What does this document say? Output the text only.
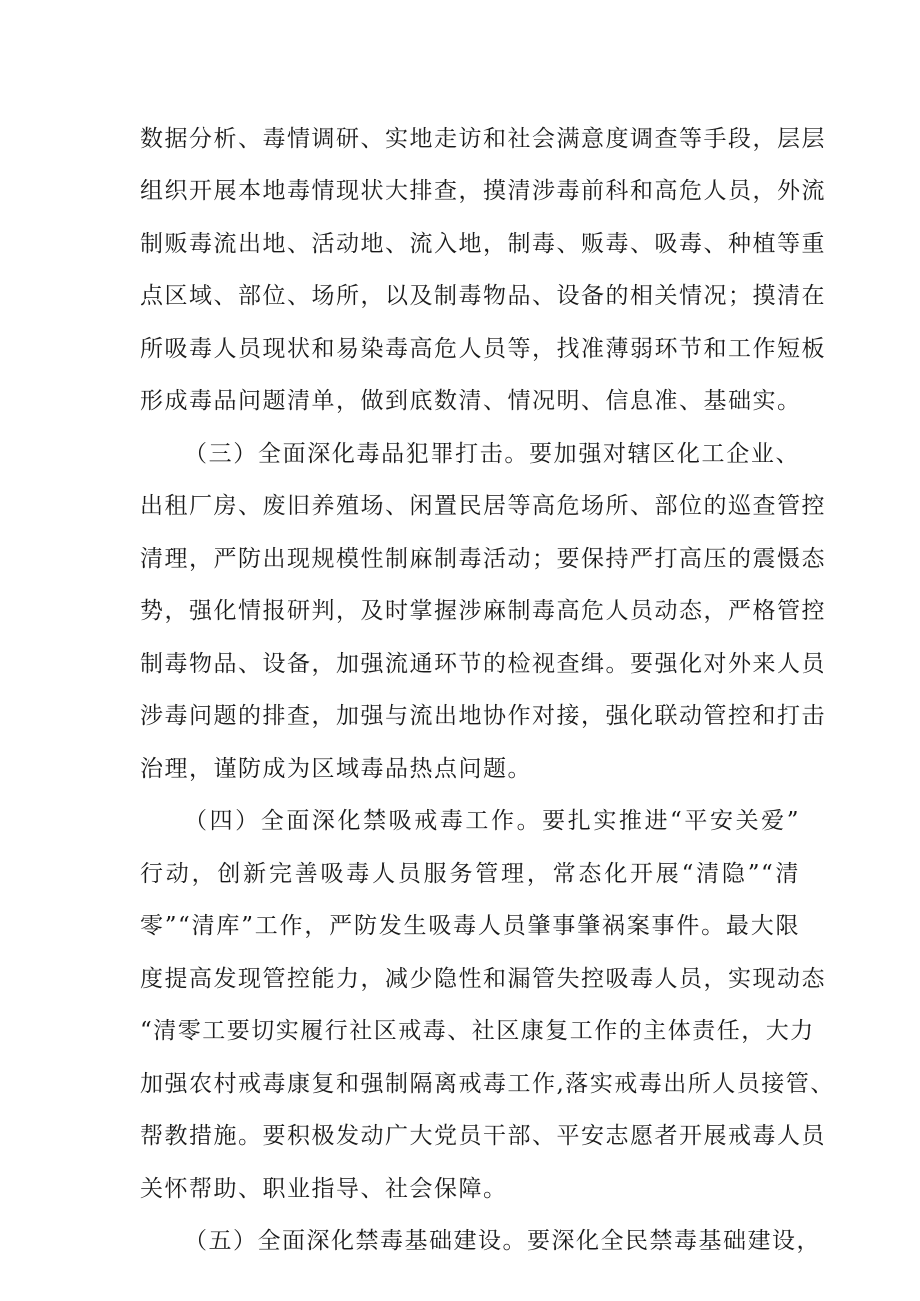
数据分析、毒情调研、实地走访和社会满意度调查等手段，层层
组织开展本地毒情现状大排查，摸清涉毒前科和高危人员，外流
制贩毒流出地、活动地、流入地，制毒、贩毒、吸毒、种植等重
点区域、部位、场所，以及制毒物品、设备的相关情况；摸清在
所吸毒人员现状和易染毒高危人员等，找准薄弱环节和工作短板
形成毒品问题清单，做到底数清、情况明、信息准、基础实。
（三）全面深化毒品犯罪打击。要加强对辖区化工企业、
出租厂房、废旧养殖场、闲置民居等高危场所、部位的巡查管控
清理，严防出现规模性制麻制毒活动；要保持严打高压的震慑态
势，强化情报研判，及时掌握涉麻制毒高危人员动态，严格管控
制毒物品、设备，加强流通环节的检视查缉。要强化对外来人员
涉毒问题的排查，加强与流出地协作对接，强化联动管控和打击
治理，谨防成为区域毒品热点问题。
（四）全面深化禁吸戒毒工作。要扎实推进“平安关爱”
行动，创新完善吸毒人员服务管理，常态化开展“清隐”“清
零”“清库”工作，严防发生吸毒人员肇事肇祸案事件。最大限
度提高发现管控能力，减少隐性和漏管失控吸毒人员，实现动态
“清零工要切实履行社区戒毒、社区康复工作的主体责任，大力
加强农村戒毒康复和强制隔离戒毒工作,落实戒毒出所人员接管、
帮教措施。要积极发动广大党员干部、平安志愿者开展戒毒人员
关怀帮助、职业指导、社会保障。
（五）全面深化禁毒基础建设。要深化全民禁毒基础建设，
